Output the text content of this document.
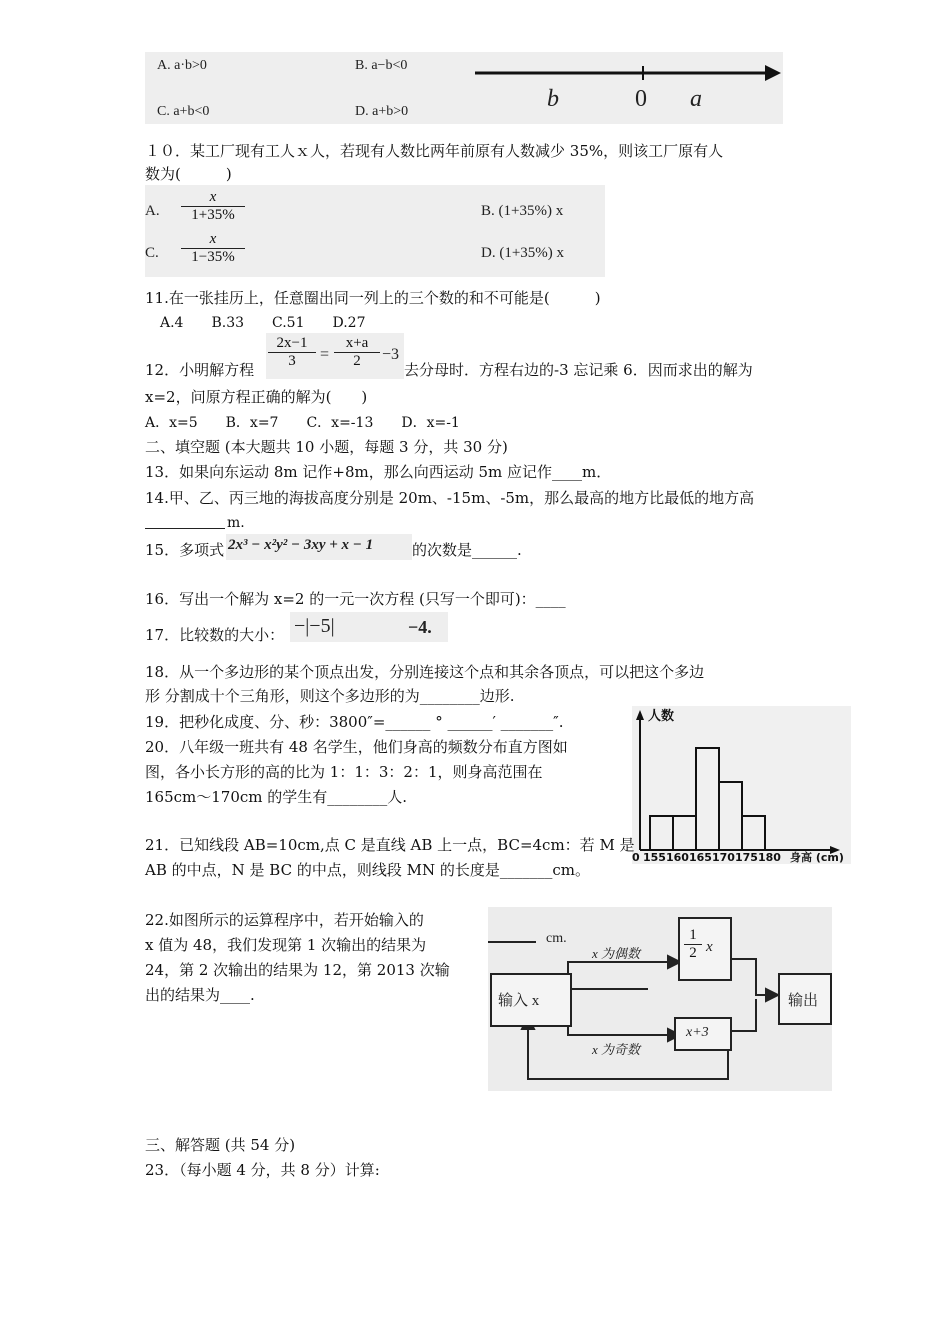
A. a·b>0	B. a−b<0
C. a+b<0	D. a+b>0	b	0 a
１０．某工厂现有工人ｘ人，若现有人数比两年前原有人数减少 35%，则该工厂原有人
数为(　　　)
A. $\frac{x}{1+35\%}$	B. (1+35%) x
C. $\frac{x}{1-35\%}$	D. (1+35%) x
11.在一张挂历上，任意圈出同一列上的三个数的和不可能是(　　　)
A.4　　B.33　　C.51　　D.27
12．小明解方程 $\frac{2x-1}{3} = \frac{x+a}{2} -3$
去分母时．方程右边的-3 忘记乘 6．因而求出的解为
x=2，问原方程正确的解为(　　)
A．x=5　　B．x=7　　C．x=-13　　D．x=-1
二、填空题 (本大题共 10 小题，每题 3 分，共 30 分)
13．如果向东运动 8m 记作+8m，那么向西运动 5m 应记作____m．
14.甲、乙、丙三地的海拔高度分别是 20m、-15m、-5m，那么最高的地方比最低的地方高
m.
15．多项式 2x³ − x²y² − 3xy + x − 1	的次数是______.
16．写出一个解为 x=2 的一元一次方程 (只写一个即可)：____
17．比较数的大小： −|−5|	−4.
18．从一个多边形的某个顶点出发，分别连接这个点和其余各顶点，可以把这个多边
形 分割成十个三角形，则这个多边形的为________边形.
19．把秒化成度、分、秒：3800″=______ ° ______′ _______″.
20．八年级一班共有 48 名学生，他们身高的频数分布直方图如
图，各小长方形的高的比为 1：1：3：2：1，则身高范围在
165cm～170cm 的学生有________人.
人数
0 155 160 165 170 175 180 身高 (cm)
21．已知线段 AB=10cm,点 C 是直线 AB 上一点，BC=4cm：若 M 是
AB 的中点，N 是 BC 的中点，则线段 MN 的长度是_______cm。
22.如图所示的运算程序中，若开始输入的
x 值为 48，我们发现第 1 次输出的结果为
24，第 2 次输出的结果为 12，第 2013 次输
出的结果为____.
cm.
输入 x
x 为偶数
x 为奇数
$\frac{1}{2}$ x
x+3
输出
三、解答题 (共 54 分)
23．（每小题 4 分，共 8 分）计算:
